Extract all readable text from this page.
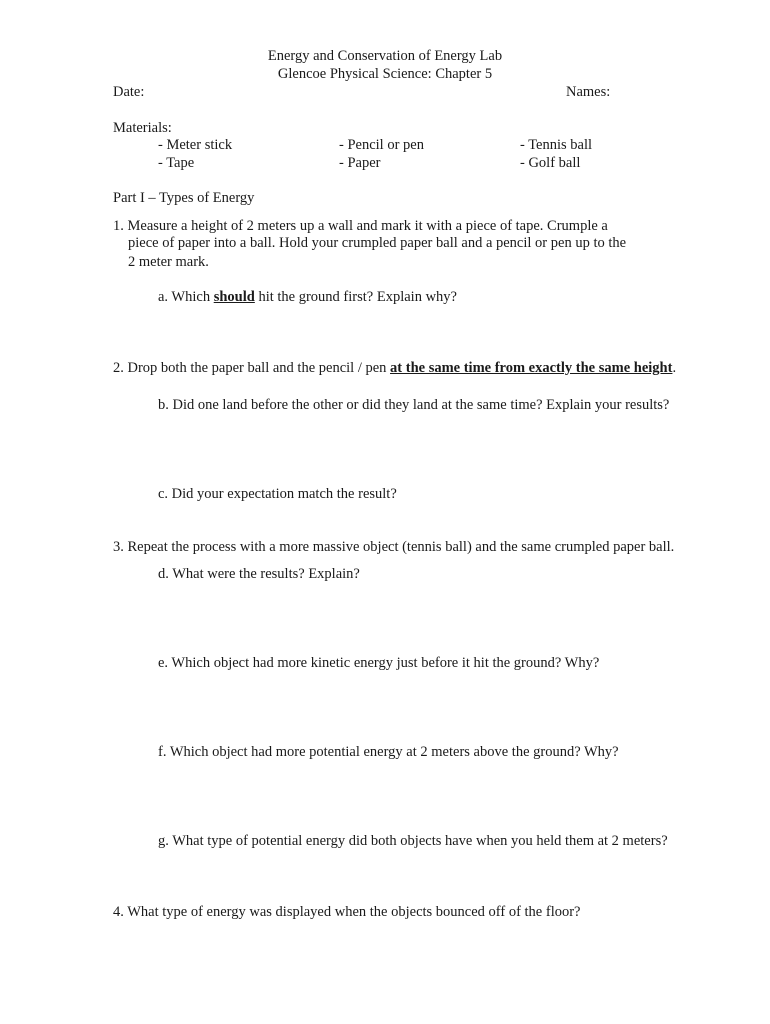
Energy and Conservation of Energy Lab
Glencoe Physical Science: Chapter 5
Date:	Names:
Materials:
- Meter stick
- Tape
- Pencil or pen
- Paper
- Tennis ball
- Golf ball
Part I – Types of Energy
1. Measure a height of 2 meters up a wall and mark it with a piece of tape. Crumple a
piece of paper into a ball. Hold your crumpled paper ball and a pencil or pen up to the
2 meter mark.
a. Which should hit the ground first? Explain why?
2. Drop both the paper ball and the pencil / pen at the same time from exactly the same height.
b. Did one land before the other or did they land at the same time? Explain your results?
c. Did your expectation match the result?
3. Repeat the process with a more massive object (tennis ball) and the same crumpled paper ball.
d. What were the results? Explain?
e. Which object had more kinetic energy just before it hit the ground? Why?
f. Which object had more potential energy at 2 meters above the ground? Why?
g. What type of potential energy did both objects have when you held them at 2 meters?
4. What type of energy was displayed when the objects bounced off of the floor?
